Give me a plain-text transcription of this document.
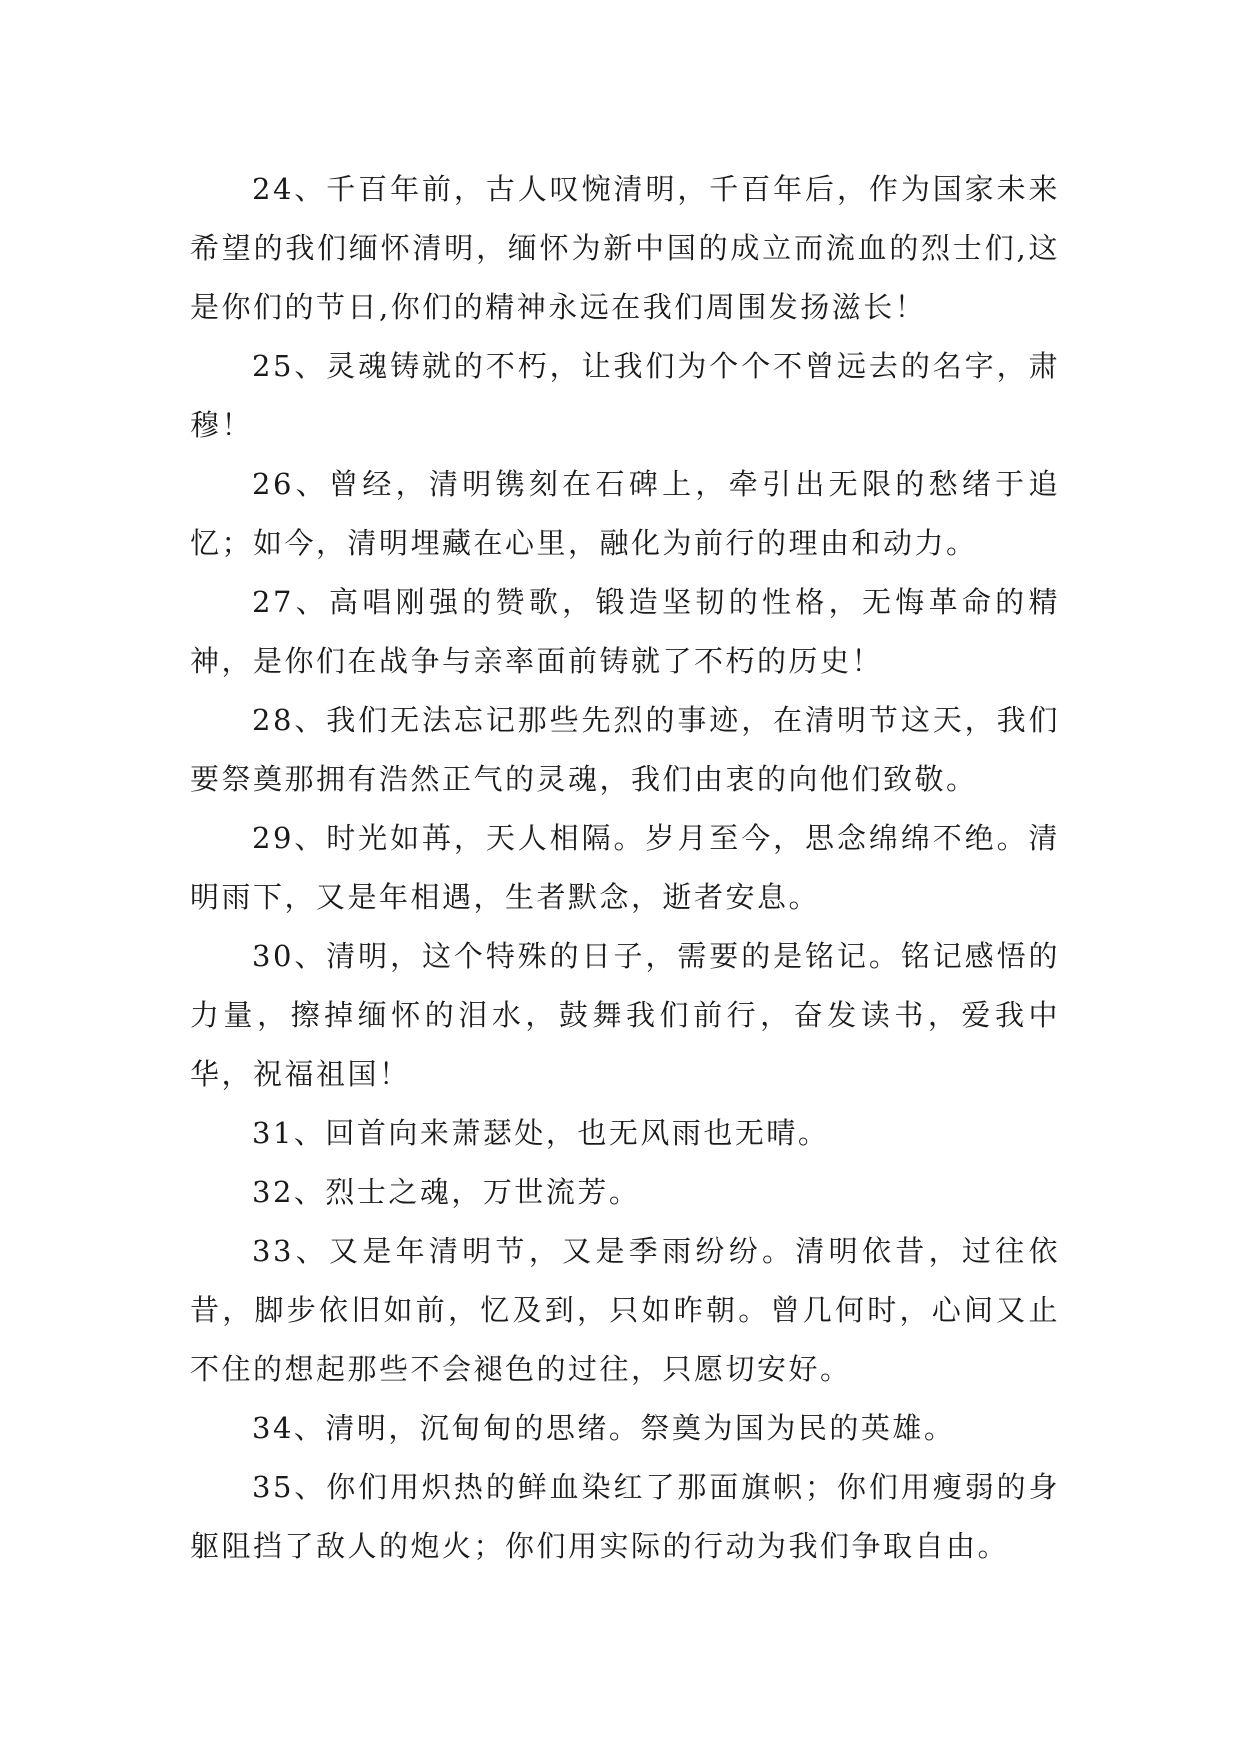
24、千百年前，古人叹惋清明，千百年后，作为国家未来希望的我们缅怀清明，缅怀为新中国的成立而流血的烈士们,这是你们的节日,你们的精神永远在我们周围发扬滋长！

25、灵魂铸就的不朽，让我们为个个不曾远去的名字，肃穆！

26、曾经，清明镌刻在石碑上，牵引出无限的愁绪于追忆；如今，清明埋藏在心里，融化为前行的理由和动力。

27、高唱刚强的赞歌，锻造坚韧的性格，无悔革命的精神，是你们在战争与亲率面前铸就了不朽的历史！

28、我们无法忘记那些先烈的事迹，在清明节这天，我们要祭奠那拥有浩然正气的灵魂，我们由衷的向他们致敬。

29、时光如苒，天人相隔。岁月至今，思念绵绵不绝。清明雨下，又是年相遇，生者默念，逝者安息。

30、清明，这个特殊的日子，需要的是铭记。铭记感悟的力量，擦掉缅怀的泪水，鼓舞我们前行，奋发读书，爱我中华，祝福祖国！

31、回首向来萧瑟处，也无风雨也无晴。

32、烈士之魂，万世流芳。

33、又是年清明节，又是季雨纷纷。清明依昔，过往依昔，脚步依旧如前，忆及到，只如昨朝。曾几何时，心间又止不住的想起那些不会褪色的过往，只愿切安好。

34、清明，沉甸甸的思绪。祭奠为国为民的英雄。

35、你们用炽热的鲜血染红了那面旗帜；你们用瘦弱的身躯阻挡了敌人的炮火；你们用实际的行动为我们争取自由。
